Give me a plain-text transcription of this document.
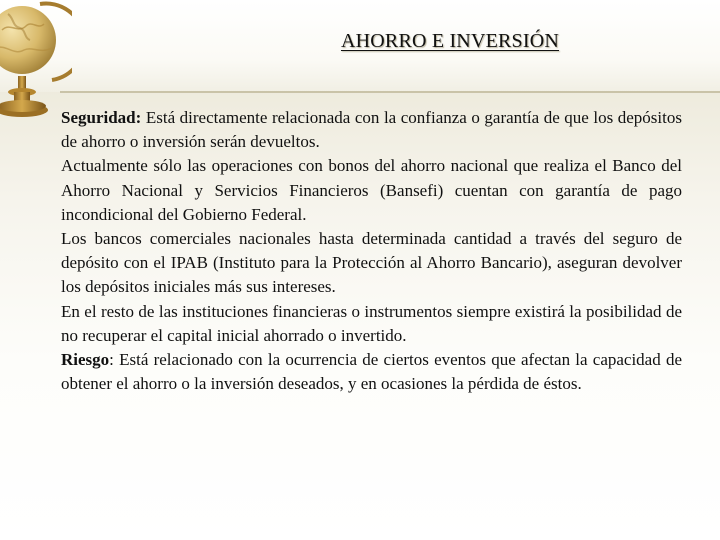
AHORRO E INVERSIÓN

Seguridad: Está directamente relacionada con la confianza o garantía de que los depósitos de ahorro o inversión serán devueltos.

Actualmente sólo las operaciones con bonos del ahorro nacional que realiza el Banco del Ahorro Nacional y Servicios Financieros (Bansefi) cuentan con garantía de pago incondicional del Gobierno Federal.

Los bancos comerciales nacionales hasta determinada cantidad a través del seguro de depósito con el IPAB (Instituto para la Protección al Ahorro Bancario), aseguran devolver los depósitos iniciales más sus intereses.

En el resto de las instituciones financieras o instrumentos siempre existirá la posibilidad de no recuperar el capital inicial ahorrado o invertido.

Riesgo: Está relacionado con la ocurrencia de ciertos eventos que afectan la capacidad de obtener el ahorro o la inversión deseados, y en ocasiones la pérdida de éstos.
